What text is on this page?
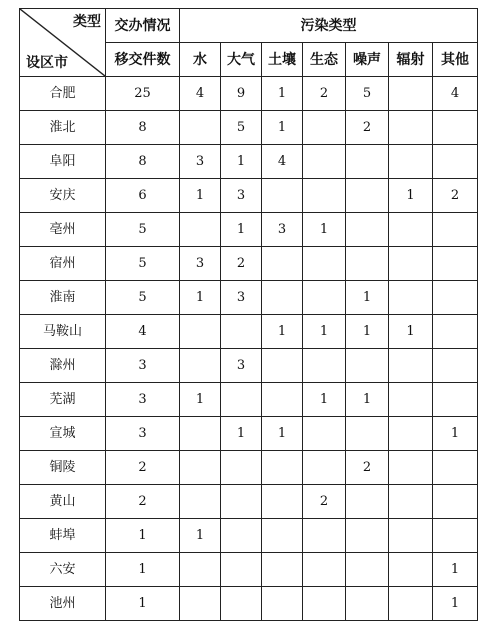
类型
设区市	交办情况	污染类型						
	移交件数	水	大气	土壤	生态	噪声	辐射	其他
合肥	25	4	9	1	2	5		4
淮北	8		5	1		2		
阜阳	8	3	1	4				
安庆	6	1	3				1	2
亳州	5		1	3	1			
宿州	5	3	2					
淮南	5	1	3			1		
马鞍山	4			1	1	1	1	
滁州	3		3					
芜湖	3	1			1	1		
宣城	3		1	1				1
铜陵	2					2		
黄山	2				2			
蚌埠	1	1						
六安	1							1
池州	1							1
